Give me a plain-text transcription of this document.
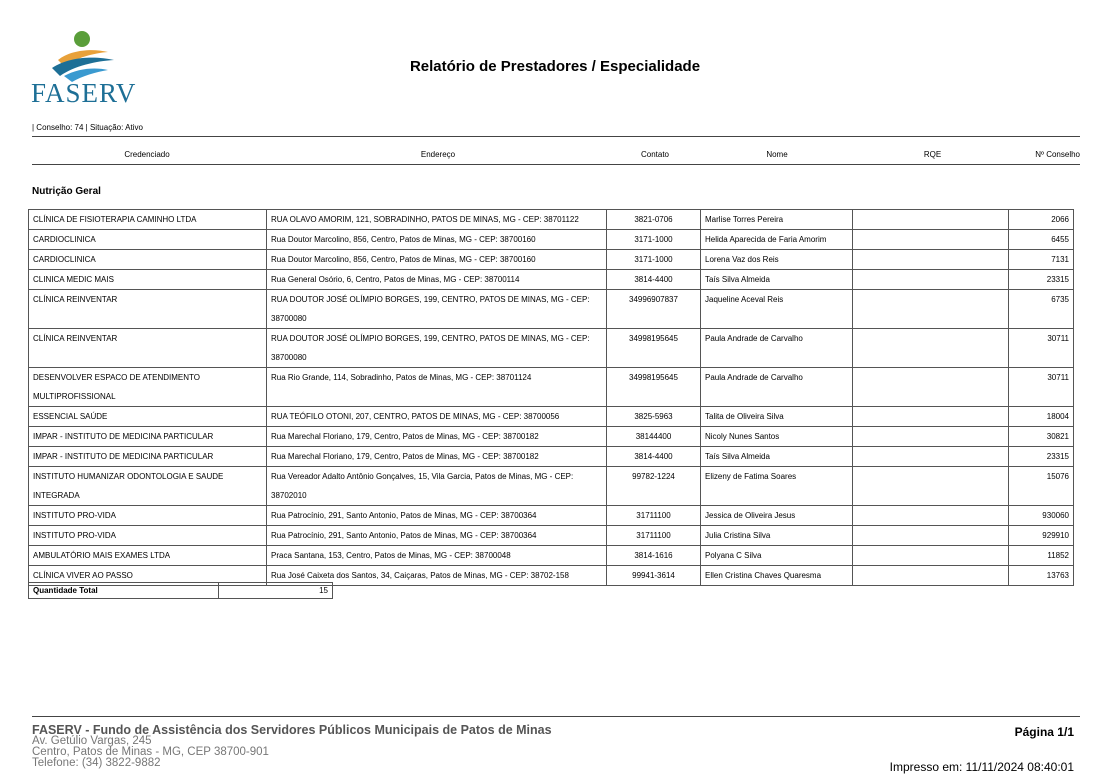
FASERV
Relatório de Prestadores / Especialidade
| Conselho: 74 | Situação: Ativo
Credenciado	Endereço	Contato	Nome	RQE	Nº Conselho
Nutrição Geral
CLÍNICA DE FISIOTERAPIA CAMINHO LTDA	RUA OLAVO AMORIM, 121, SOBRADINHO, PATOS DE MINAS, MG - CEP: 38701122	3821-0706	Marlise Torres Pereira		2066
CARDIOCLINICA	Rua Doutor Marcolino, 856, Centro, Patos de Minas, MG - CEP: 38700160	3171-1000	Helida Aparecida de Faria Amorim		6455
CARDIOCLINICA	Rua Doutor Marcolino, 856, Centro, Patos de Minas, MG - CEP: 38700160	3171-1000	Lorena Vaz dos Reis		7131
CLINICA MEDIC MAIS	Rua General Osório, 6, Centro, Patos de Minas, MG - CEP: 38700114	3814-4400	Taís Silva Almeida		23315
CLÍNICA REINVENTAR	RUA DOUTOR JOSÉ OLÍMPIO BORGES, 199, CENTRO, PATOS DE MINAS, MG - CEP: 38700080	34996907837	Jaqueline Aceval Reis		6735
CLÍNICA REINVENTAR	RUA DOUTOR JOSÉ OLÍMPIO BORGES, 199, CENTRO, PATOS DE MINAS, MG - CEP: 38700080	34998195645	Paula Andrade de Carvalho		30711
DESENVOLVER ESPACO DE ATENDIMENTO MULTIPROFISSIONAL	Rua Rio Grande, 114, Sobradinho, Patos de Minas, MG - CEP: 38701124	34998195645	Paula Andrade de Carvalho		30711
ESSENCIAL SAÚDE	RUA TEÓFILO OTONI, 207, CENTRO, PATOS DE MINAS, MG - CEP: 38700056	3825-5963	Talita de Oliveira Silva		18004
IMPAR - INSTITUTO DE MEDICINA PARTICULAR	Rua Marechal Floriano, 179, Centro, Patos de Minas, MG - CEP: 38700182	38144400	Nicoly Nunes Santos		30821
IMPAR - INSTITUTO DE MEDICINA PARTICULAR	Rua Marechal Floriano, 179, Centro, Patos de Minas, MG - CEP: 38700182	3814-4400	Taís Silva Almeida		23315
INSTITUTO HUMANIZAR ODONTOLOGIA E SAUDE INTEGRADA	Rua Vereador Adalto Antônio Gonçalves, 15, Vila Garcia, Patos de Minas, MG - CEP: 38702010	99782-1224	Elizeny de Fatima Soares		15076
INSTITUTO PRO-VIDA	Rua Patrocínio, 291, Santo Antonio, Patos de Minas, MG - CEP: 38700364	31711100	Jessica de Oliveira Jesus		930060
INSTITUTO PRO-VIDA	Rua Patrocínio, 291, Santo Antonio, Patos de Minas, MG - CEP: 38700364	31711100	Julia Cristina Silva		929910
AMBULATÓRIO MAIS EXAMES LTDA	Praca Santana, 153, Centro, Patos de Minas, MG - CEP: 38700048	3814-1616	Polyana C Silva		11852
CLÍNICA VIVER AO PASSO	Rua José Caixeta dos Santos, 34, Caiçaras, Patos de Minas, MG - CEP: 38702-158	99941-3614	Ellen Cristina Chaves Quaresma		13763
Quantidade Total	15
FASERV - Fundo de Assistência dos Servidores Públicos Municipais de Patos de Minas
Av. Getúlio Vargas, 245
Centro, Patos de Minas - MG, CEP 38700-901
Telefone: (34) 3822-9882
Página 1/1
Impresso em: 11/11/2024 08:40:01
